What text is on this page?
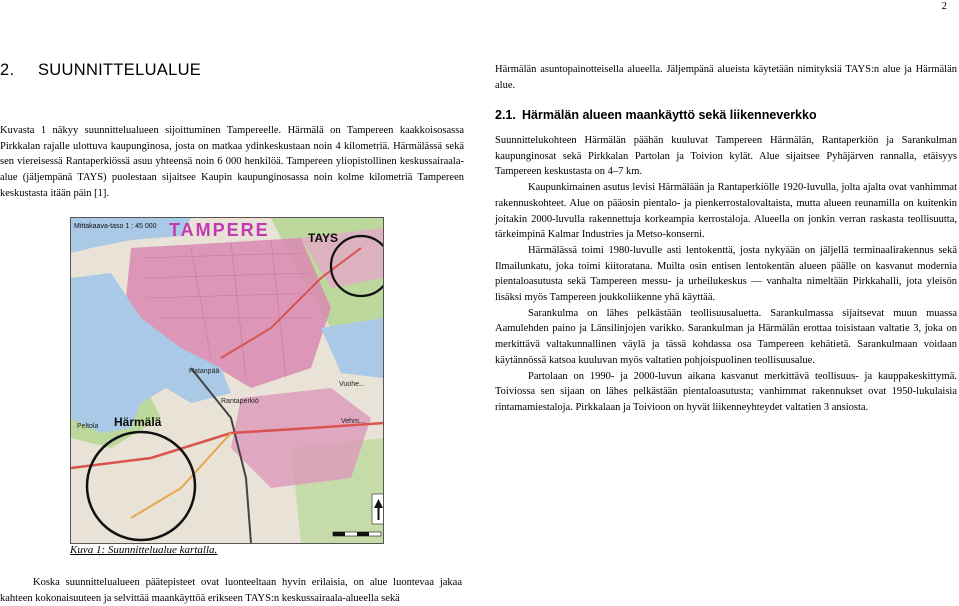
2
2. SUUNNITTELUALUE

Kuvasta 1 näkyy suunnittelualueen sijoittuminen Tampereelle. Härmälä on Tampereen kaakkoisosassa Pirkkalan rajalle ulottuva kaupunginosa, josta on matkaa ydinkeskustaan noin 4 kilometriä. Härmälässä sekä sen viereisessä Rantaperkiössä asuu yhteensä noin 6 000 henkilöä. Tampereen yliopistollinen keskussairaala-alue (jäljempänä TAYS) puolestaan sijaitsee Kaupin kaupunginosassa noin kolme kilometriä Tampereen keskustasta itään päin [1].

Mittakaava-taso 1 : 45 000 TAMPERE	TAYS
Härmälä
Hatanpää
Vuohe...
Peltola
Rantaperkiö
Vehm...
Kuva 1: Suunnittelualue kartalla.

Koska suunnittelualueen päätepisteet ovat luonteeltaan hyvin erilaisia, on alue luontevaa jakaa kahteen kokonaisuuteen ja selvittää maankäyttöä erikseen TAYS:n keskussairaala-alueella sekä

Härmälän asuntopainotteisella alueella. Jäljempänä alueista käytetään nimityksiä TAYS:n alue ja Härmälän alue.

2.1. Härmälän alueen maankäyttö sekä liikenneverkko

Suunnittelukohteen Härmälän päähän kuuluvat Tampereen Härmälän, Rantaperkiön ja Sarankulman kaupunginosat sekä Pirkkalan Partolan ja Toivion kylät. Alue sijaitsee Pyhäjärven rannalla, etäisyys Tampereen keskustasta on 4–7 km.

Kaupunkimainen asutus levisi Härmälään ja Rantaperkiölle 1920-luvulla, jolta ajalta ovat vanhimmat rakennuskohteet. Alue on pääosin pientalo- ja pienkerrostalovaltaista, mutta alueen reunamilla on kuitenkin joitakin 2000-luvulla rakennettuja korkeampia kerrostaloja. Alueella on jonkin verran raskasta teollisuutta, tärkeimpinä Kalmar Industries ja Metso-konserni.

Härmälässä toimi 1980-luvulle asti lentokenttä, josta nykyään on jäljellä terminaalirakennus sekä Ilmailunkatu, joka toimi kiitoratana. Muilta osin entisen lentokentän alueen päälle on kasvanut modernia pientaloasutusta sekä Tampereen messu- ja urheilukeskus — vanhalta nimeltään Pirkkahalli, jota yleisön lisäksi myös Tampereen joukkoliikenne yhä käyttää.

Sarankulma on lähes pelkästään teollisuusaluetta. Sarankulmassa sijaitsevat muun muassa Aamulehden paino ja Länsilinjojen varikko. Sarankulman ja Härmälän erottaa toisistaan valtatie 3, joka on merkittävä valtakunnallinen väylä ja tässä kohdassa osa Tampereen kehätietä. Sarankulmaan voidaan käytännössä katsoa kuuluvan myös valtatien pohjoispuolinen teollisuusalue.

Partolaan on 1990- ja 2000-luvun aikana kasvanut merkittävä teollisuus- ja kauppakeskittymä. Toiviossa sen sijaan on lähes pelkästään pientaloasutusta; vanhimmat rakennukset ovat 1950-lukulaisia rintamamiestaloja. Pirkkalaan ja Toivioon on hyvät liikenneyhteydet valtatien 3 ansiosta.
